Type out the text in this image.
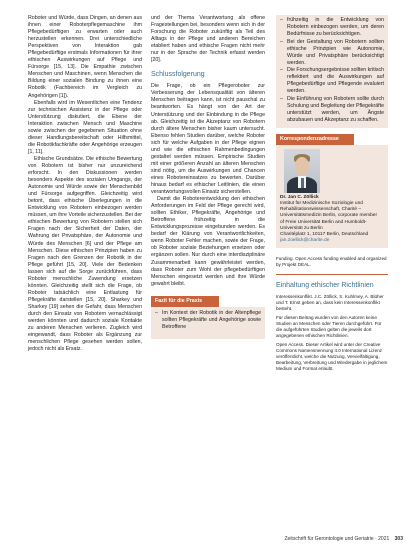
Roboter und Würde, dass Dingen, an denen aus ihnen einer Roboterpflegemaschine ihm Pflegebedürftigen zu erwarten oder auch herzustellen erkennen. Drei unterschiedliche Perspektiven von Interaktion gab Pflegebedürftige erstmals Informationen für ihrer ethischen Auswirkungen auf Pflege und Fürsorge [15, 13]. Die Empathie zwischen Menschen und Maschinen, wenn Menschen die Bildung einer sozialen Bindung zu ihnen eine Robotik (Fachbereich im Vergleich zu Angehörigen [1]).

Ebenfalls wird im Wesentlichen eine Tendenz zur technischen Assistenz in der Pflege oder Unterstützung diskutiert, die Ebene der Interaktion zwischen Mensch und Maschine sowie zwischen der gegebenen Situation ohne dieser Handlungsbereitschaft oder Hilfsmittel, die Robotikfachkräfte oder Angehörige erzeugen [1, 11].

Ethische Grundsätze. Die ethische Bewertung von Robotern ist bisher nur unzureichend erforscht. In den Diskussionen werden besonders Aspekte des sozialen Umgangs, der Autonomie und Würde sowie der Menschenbild und Fürsorge aufgegriffen. Gleichzeitig wird betont, dass ethische Überlegungen in die Entwicklung von Robotern einbezogen werden müssen, um ihre Vorteile sicherzustellen. Bei der ethischen Bewertung von Robotern stellen sich Fragen nach der Sicherheit der Daten, der Wahrung der Privatsphäre, der Autonomie und Würde des Menschen [6] und der Pflege am Menschen. Diese ethischen Prinzipien haben zu Fragen nach den Grenzen der Robotik in der Pflege geführt [15, 20]. Viele der Bedenken lassen sich auf die Sorge zurückführen, dass Roboter menschliche Zuwendung ersetzen könnten. Gleichzeitig stellt sich die Frage, ob Roboter tatsächlich eine Entlastung für Pflegekräfte darstellen [15, 20]. Sharkey und Sharkey [19] sehen die Gefahr, dass Menschen durch den Einsatz von Robotern vernachlässigt werden könnten und dadurch soziale Kontakte zu anderen Menschen verlieren. Zugleich wird eingewandt, dass Roboter als Ergänzung zur menschlichen Pflege gesehen werden sollen, jedoch nicht als Ersatz.

und der Thema Verantwortung als offene Fragestellungen bei, besonders wenn sich in der Forschung die Roboter zukünftig als Teil des Alltags in der Pflege und anderen Bereichen etabliert haben und ethische Fragen nicht mehr nur in der Sprache der Technik erfasst werden [20].

Schlussfolgerung

Die Frage, ob ein Pflegeroboter zur Verbesserung der Lebensqualität von älteren Menschen beitragen kann, ist nicht pauschal zu beantworten. Es hängt von der Art der Unterstützung und der Einbindung in die Pflege ab. Gleichzeitig ist die Akzeptanz von Robotern durch ältere Menschen bisher kaum untersucht. Ebenso fehlen Studien darüber, welche Roboter sich für welche Aufgaben in der Pflege eignen und wie die ethischen Rahmenbedingungen gestaltet werden müssen. Empirische Studien mit einer größeren Anzahl an älteren Menschen sind nötig, um die Auswirkungen und Chancen eines Robotereinsatzes zu bewerten. Darüber hinaus bedarf es ethischer Leitlinien, die einen verantwortungsvollen Einsatz sicherstellen.

Damit die Roboterentwicklung den ethischen Anforderungen im Feld der Pflege gerecht wird, sollten Ethiker, Pflegekräfte, Angehörige und Betroffene frühzeitig in die Entwicklungsprozesse eingebunden werden. Es bedarf der Klärung von Verantwortlichkeiten, wenn Roboter Fehler machen, sowie der Frage, ob Roboter soziale Beziehungen ersetzen oder ergänzen sollen. Nur durch eine interdisziplinäre Zusammenarbeit kann gewährleistet werden, dass Roboter zum Wohl der pflegebedürftigen Menschen eingesetzt werden und ihre Würde gewahrt bleibt.

Fazit für die Praxis
– Im Kontext der Robotik in der Altenpflege sollten Pflegekräfte und Angehörige sowie Betroffene
– frühzeitig in die Entwicklung von Robotern einbezogen werden, um deren Bedürfnisse zu berücksichtigen.
– Bei der Gestaltung von Robotern sollten ethische Prinzipien wie Autonomie, Würde und Privatsphäre berücksichtigt werden.
– Die Forschungsergebnisse sollten kritisch reflektiert und die Auswirkungen auf Pflegebedürftige und Pflegende evaluiert werden.
– Die Einführung von Robotern sollte durch Schulung und Begleitung der Pflegekräfte unterstützt werden, um Ängste abzubauen und Akzeptanz zu schaffen.
Korrespondenzadresse
Dr. Jan C. Zöllick
Institut für Medizinische Soziologie und Rehabilitationswissenschaft, Charité –
Universitätsmedizin Berlin, corporate member
of Freie Universität Berlin and Humboldt-
Universität zu Berlin
Charitéplatz 1, 10117 Berlin, Deutschland
jan.zoellick@charite.de
Funding. Open Access funding enabled and organized by Projekt DEAL.
Einhaltung ethischer Richtlinien
Interessenkonflikt. J.C. Zöllick, S. Kuhlmey, A. Blüher und T. Ernst geben an, dass kein Interessenkonflikt besteht.
Für diesen Beitrag wurden von den Autoren keine Studien an Menschen oder Tieren durchgeführt. Für die aufgeführten Studien gelten die jeweils dort angegebenen ethischen Richtlinien.
Open Access. Dieser Artikel wird unter der Creative Commons Namensnennung 4.0 International Lizenz veröffentlicht, welche die Nutzung, Vervielfältigung, Bearbeitung, Verbreitung und Wiedergabe in jeglichem Medium und Format erlaubt.
Zeitschrift für Gerontologie und Geriatrie · 2021 303
